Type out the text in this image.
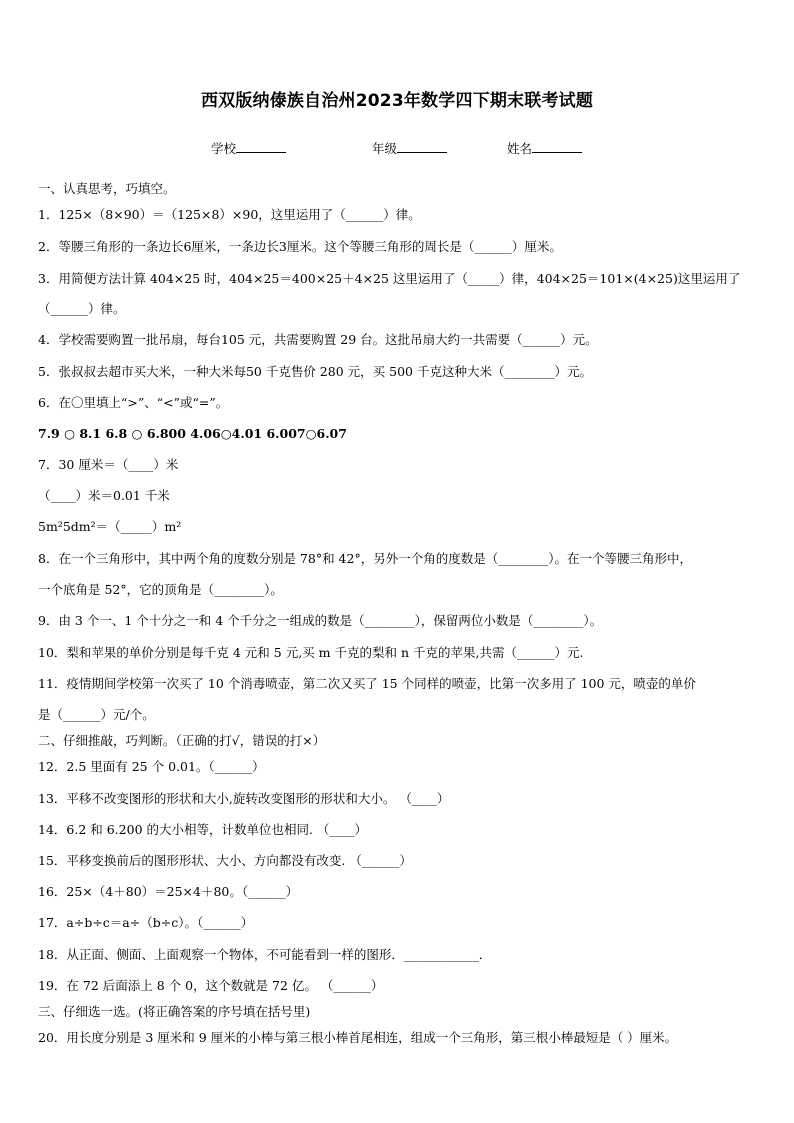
西双版纳傣族自治州2023年数学四下期末联考试题
学校	年级	姓名
一、认真思考，巧填空。
1．125×（8×90）＝（125×8）×90，这里运用了（______）律。
2．等腰三角形的一条边长6厘米，一条边长3厘米。这个等腰三角形的周长是（______）厘米。
3．用简便方法计算 404×25 时，404×25＝400×25＋4×25 这里运用了（_____）律，404×25＝101×(4×25)这里运用了
（______）律。
4．学校需要购置一批吊扇，每台105 元，共需要购置 29 台。这批吊扇大约一共需要（______）元。
5．张叔叔去超市买大米，一种大米每50 千克售价 280 元，买 500 千克这种大米（________）元。
6．在〇里填上“>”、“<”或“=”。
7.9 ○ 8.1 6.8 ○ 6.800 4.06○4.01 6.007○6.07
7．30 厘米＝（____）米
（____）米＝0.01 千米
5m²5dm²＝（_____）m²
8．在一个三角形中，其中两个角的度数分别是 78°和 42°，另外一个角的度数是（________）。在一个等腰三角形中，
一个底角是 52°，它的顶角是（________）。
9．由 3 个一、1 个十分之一和 4 个千分之一组成的数是（________），保留两位小数是（________）。
10．梨和苹果的单价分别是每千克 4 元和 5 元,买 m 千克的梨和 n 千克的苹果,共需（______）元.
11．疫情期间学校第一次买了 10 个消毒喷壶，第二次又买了 15 个同样的喷壶，比第一次多用了 100 元，喷壶的单价
是（______）元/个。
二、仔细推敲，巧判断。（正确的打√，错误的打×）
12．2.5 里面有 25 个 0.01。（______）
13．平移不改变图形的形状和大小,旋转改变图形的形状和大小。 （____）
14．6.2 和 6.200 的大小相等，计数单位也相同. （____）
15．平移变换前后的图形形状、大小、方向都没有改变. （______）
16．25×（4＋80）＝25×4＋80。（______）
17．a÷b÷c＝a÷（b÷c）。（______）
18．从正面、侧面、上面观察一个物体，不可能看到一样的图形．____________．
19．在 72 后面添上 8 个 0，这个数就是 72 亿。 （______）
三、仔细选一选。(将正确答案的序号填在括号里)
20．用长度分别是 3 厘米和 9 厘米的小棒与第三根小棒首尾相连，组成一个三角形，第三根小棒最短是（ ）厘米。
